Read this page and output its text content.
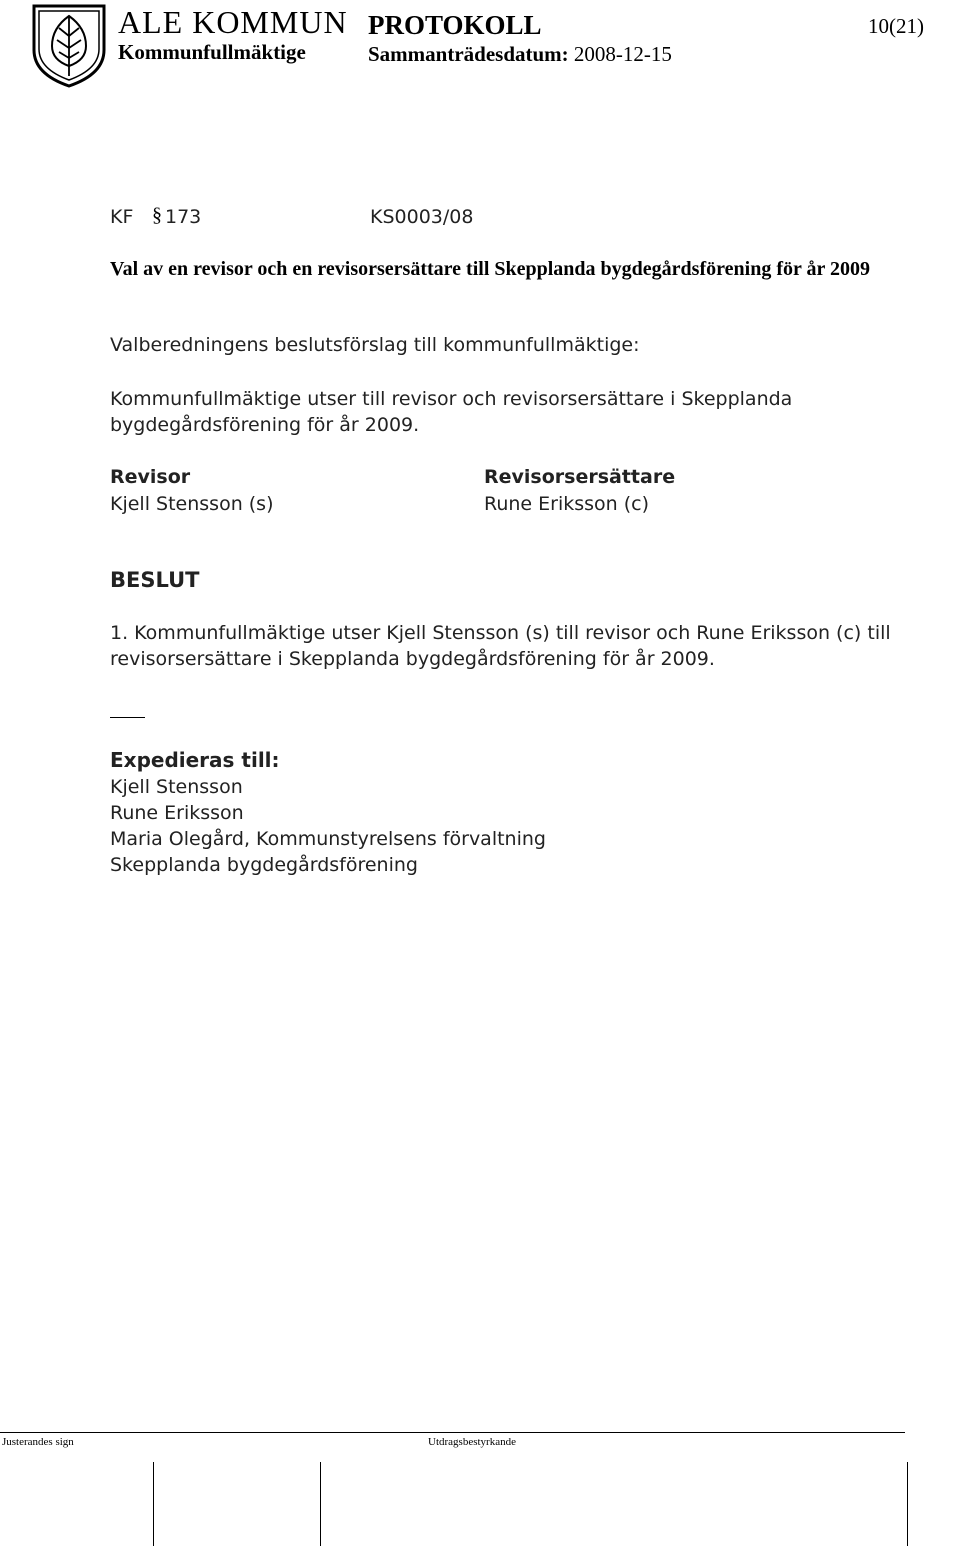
ALE KOMMUN
Kommunfullmäktige
PROTOKOLL
Sammanträdesdatum: 2008-12-15
10(21)
KF § 173	KS0003/08
Val av en revisor och en revisorsersättare till Skepplanda bygdegårdsförening för år 2009
Valberedningens beslutsförslag till kommunfullmäktige:
Kommunfullmäktige utser till revisor och revisorsersättare i Skepplanda bygdegårdsförening för år 2009.
Revisor
Kjell Stensson (s)
Revisorsersättare
Rune Eriksson (c)
BESLUT
1. Kommunfullmäktige utser Kjell Stensson (s) till revisor och Rune Eriksson (c) till revisorsersättare i Skepplanda bygdegårdsförening för år 2009.
Expedieras till:
Kjell Stensson
Rune Eriksson
Maria Olegård, Kommunstyrelsens förvaltning
Skepplanda bygdegårdsförening
Justerandes sign	Utdragsbestyrkande
